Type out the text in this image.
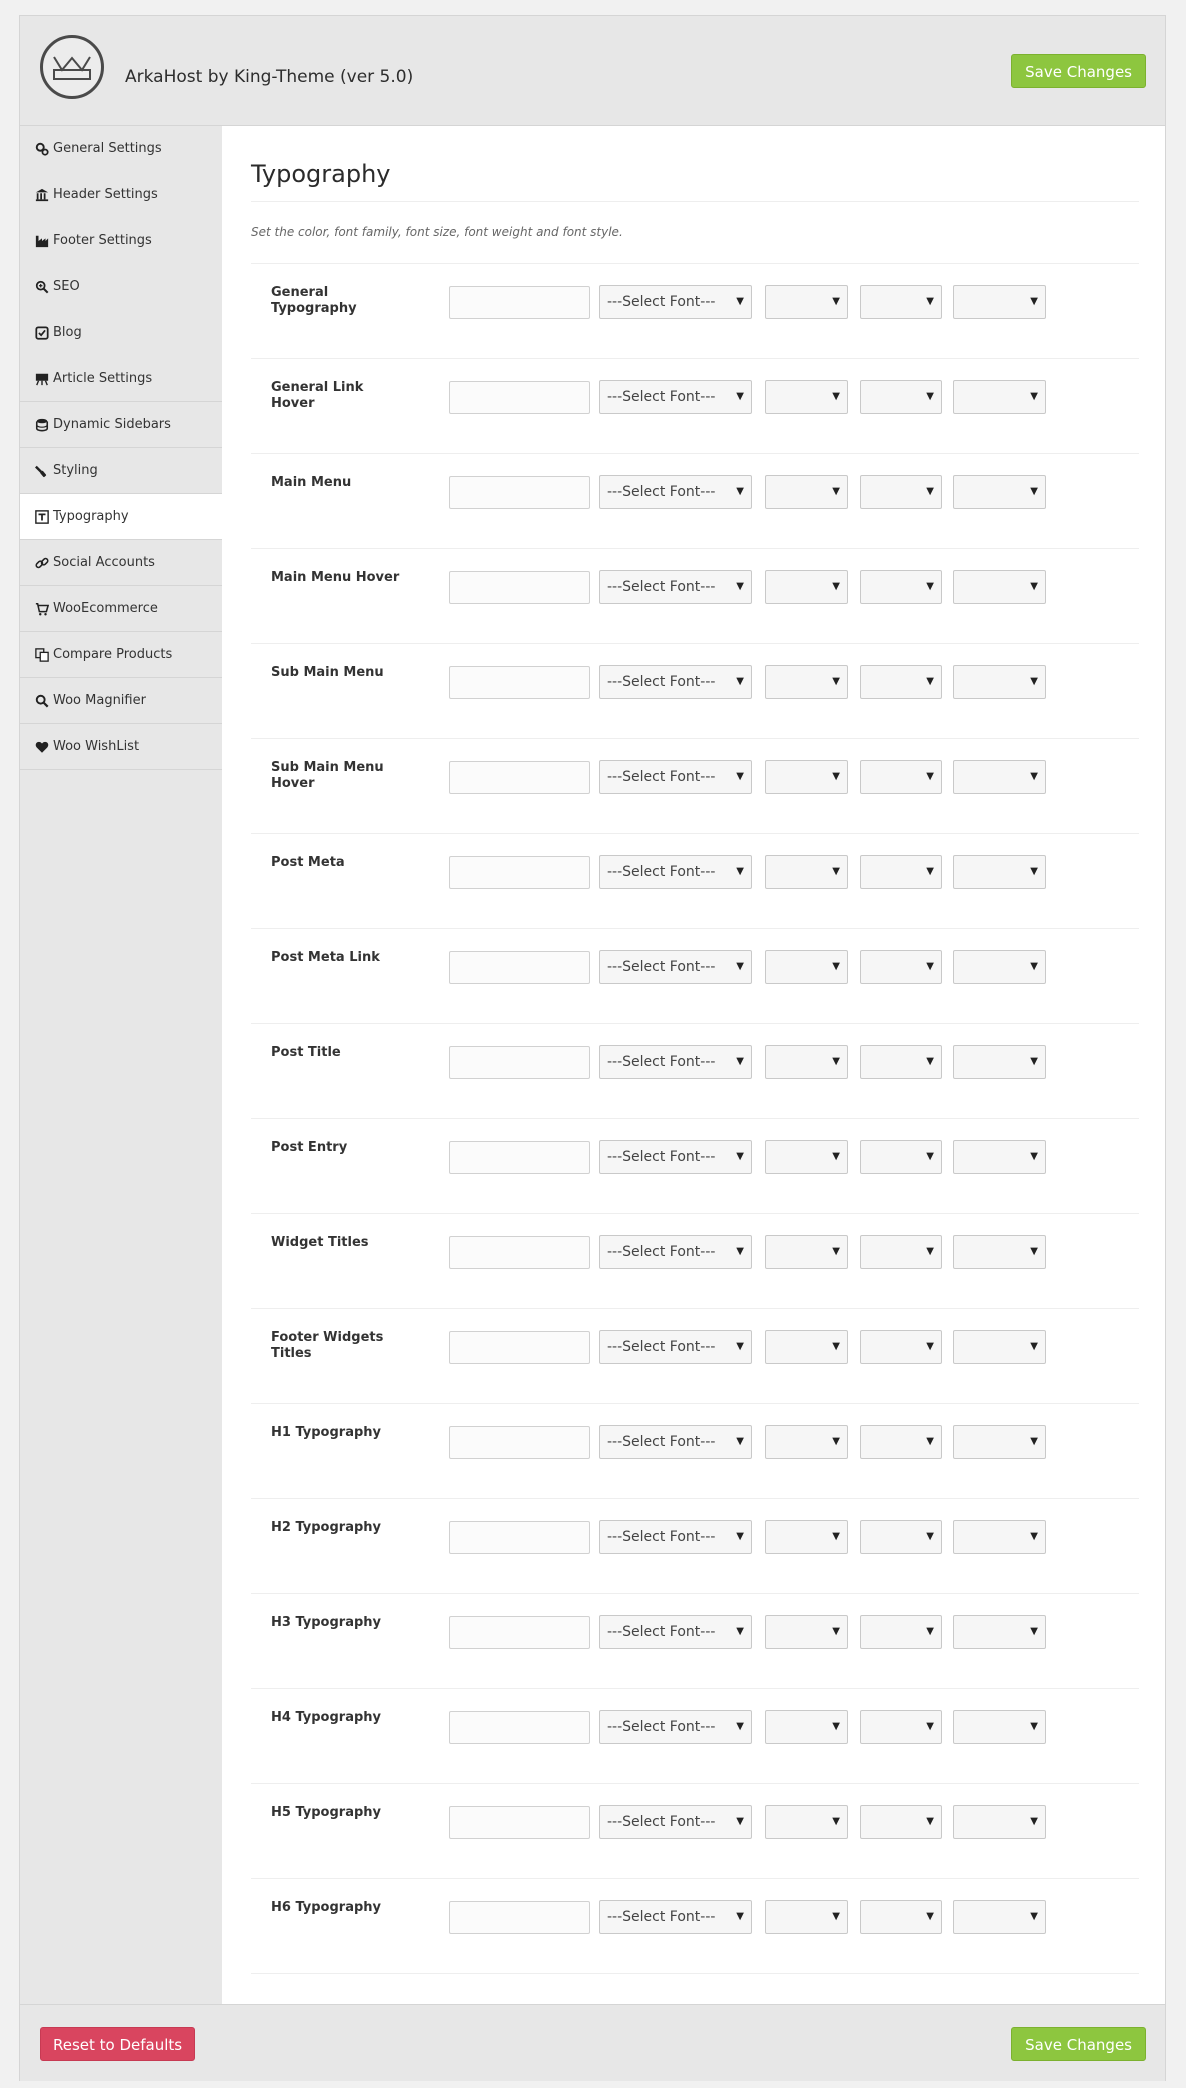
ArkaHost by King-Theme (ver 5.0)	Save Changes
General Settings
Header Settings
Footer Settings
SEO
Blog
Article Settings
Dynamic Sidebars
Styling
Typography
Social Accounts
WooEcommerce
Compare Products
Woo Magnifier
Woo WishList
Typography

Set the color, font family, font size, font weight and font style.

General Typography	---Select Font--- ▼	▼	▼	▼
General Link Hover	---Select Font--- ▼	▼	▼	▼
Main Menu
---Select Font--- ▼	▼	▼	▼
Main Menu Hover
---Select Font--- ▼	▼	▼	▼
Sub Main Menu
---Select Font--- ▼	▼	▼	▼
Sub Main Menu Hover	---Select Font--- ▼	▼	▼	▼
Post Meta
---Select Font--- ▼	▼	▼	▼
Post Meta Link
---Select Font--- ▼	▼	▼	▼
Post Title
---Select Font--- ▼	▼	▼	▼
Post Entry
---Select Font--- ▼	▼	▼	▼
Widget Titles
---Select Font--- ▼	▼	▼	▼
Footer Widgets Titles	---Select Font--- ▼	▼	▼	▼
H1 Typography
---Select Font--- ▼	▼	▼	▼
H2 Typography
---Select Font--- ▼	▼	▼	▼
H3 Typography
---Select Font--- ▼	▼	▼	▼
H4 Typography
---Select Font--- ▼	▼	▼	▼
H5 Typography
---Select Font--- ▼	▼	▼	▼
H6 Typography
---Select Font--- ▼	▼	▼	▼
Reset to Defaults	Save Changes
